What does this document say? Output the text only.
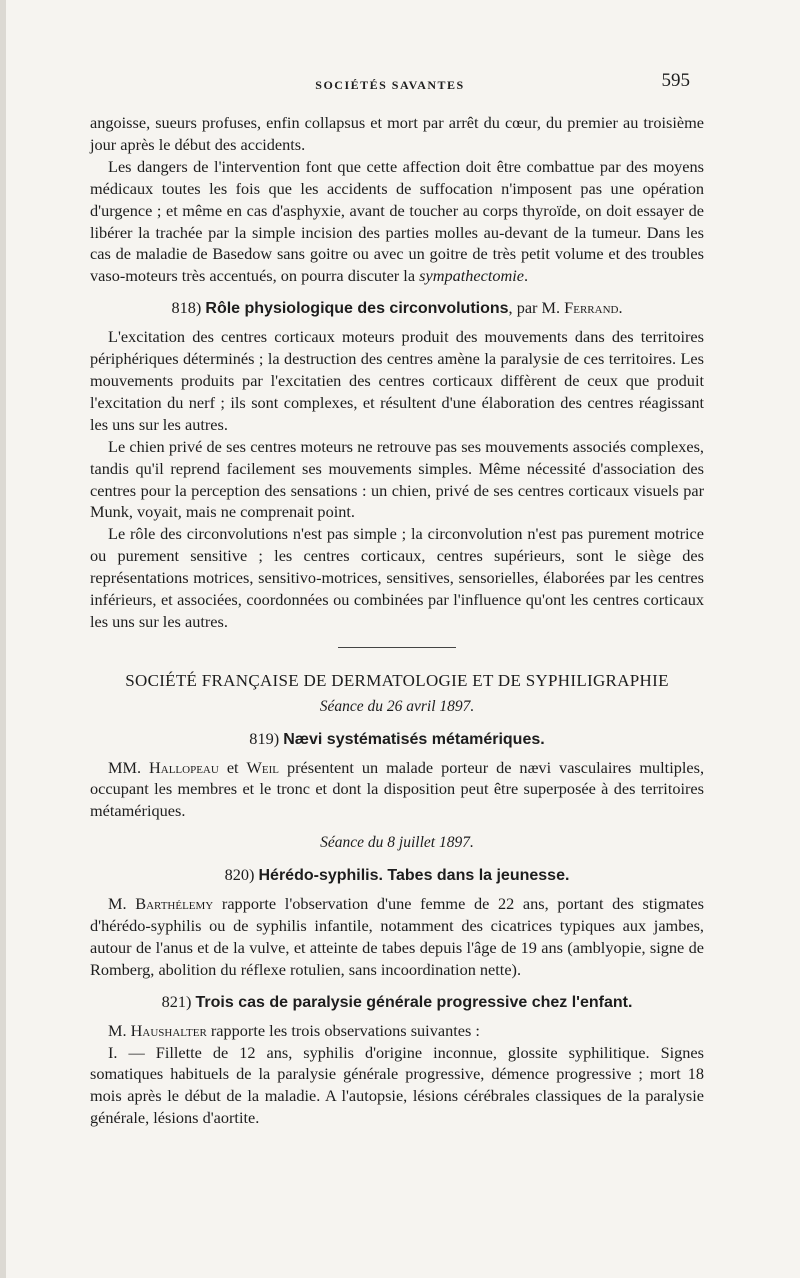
SOCIÉTÉS SAVANTES	595

angoisse, sueurs profuses, enfin collapsus et mort par arrêt du cœur, du premier au troisième jour après le début des accidents.

Les dangers de l'intervention font que cette affection doit être combattue par des moyens médicaux toutes les fois que les accidents de suffocation n'imposent pas une opération d'urgence ; et même en cas d'asphyxie, avant de toucher au corps thyroïde, on doit essayer de libérer la trachée par la simple incision des parties molles au-devant de la tumeur. Dans les cas de maladie de Basedow sans goitre ou avec un goitre de très petit volume et des troubles vaso-moteurs très accentués, on pourra discuter la sympathectomie.

818) Rôle physiologique des circonvolutions, par M. Ferrand.

L'excitation des centres corticaux moteurs produit des mouvements dans des territoires périphériques déterminés ; la destruction des centres amène la paralysie de ces territoires. Les mouvements produits par l'excitatien des centres corticaux diffèrent de ceux que produit l'excitation du nerf ; ils sont complexes, et résultent d'une élaboration des centres réagissant les uns sur les autres.

Le chien privé de ses centres moteurs ne retrouve pas ses mouvements associés complexes, tandis qu'il reprend facilement ses mouvements simples. Même nécessité d'association des centres pour la perception des sensations : un chien, privé de ses centres corticaux visuels par Munk, voyait, mais ne comprenait point.

Le rôle des circonvolutions n'est pas simple ; la circonvolution n'est pas purement motrice ou purement sensitive ; les centres corticaux, centres supérieurs, sont le siège des représentations motrices, sensitivo-motrices, sensitives, sensorielles, élaborées par les centres inférieurs, et associées, coordonnées ou combinées par l'influence qu'ont les centres corticaux les uns sur les autres.

SOCIÉTÉ FRANÇAISE DE DERMATOLOGIE ET DE SYPHILIGRAPHIE
Séance du 26 avril 1897.
819) Nævi systématisés métamériques.

MM. Hallopeau et Weil présentent un malade porteur de nævi vasculaires multiples, occupant les membres et le tronc et dont la disposition peut être superposée à des territoires métamériques.

Séance du 8 juillet 1897.
820) Hérédo-syphilis. Tabes dans la jeunesse.

M. Barthélemy rapporte l'observation d'une femme de 22 ans, portant des stigmates d'hérédo-syphilis ou de syphilis infantile, notamment des cicatrices typiques aux jambes, autour de l'anus et de la vulve, et atteinte de tabes depuis l'âge de 19 ans (amblyopie, signe de Romberg, abolition du réflexe rotulien, sans incoordination nette).

821) Trois cas de paralysie générale progressive chez l'enfant.

M. Haushalter rapporte les trois observations suivantes :

I. — Fillette de 12 ans, syphilis d'origine inconnue, glossite syphilitique. Signes somatiques habituels de la paralysie générale progressive, démence progressive ; mort 18 mois après le début de la maladie. A l'autopsie, lésions cérébrales classiques de la paralysie générale, lésions d'aortite.
